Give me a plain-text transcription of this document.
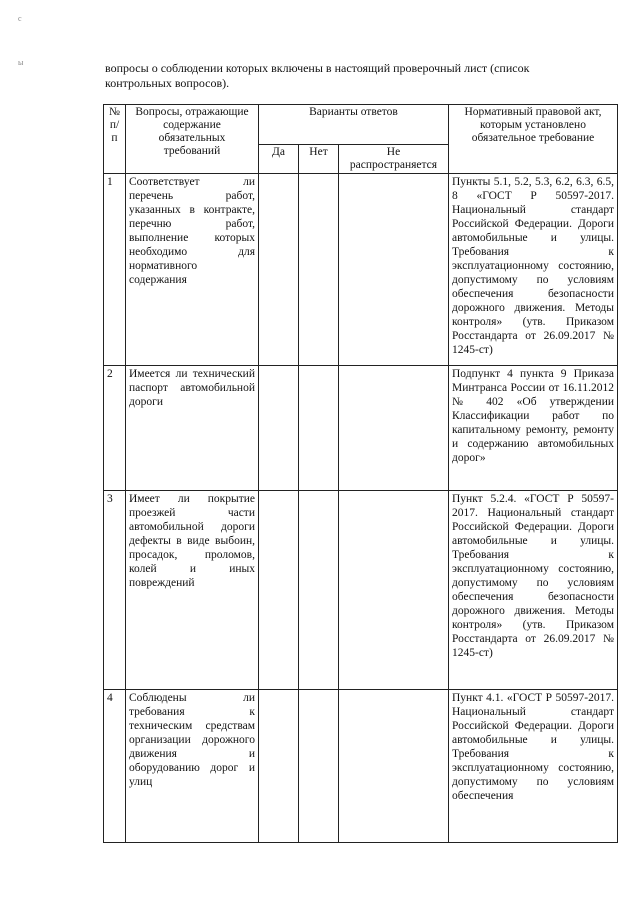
с
ы	вопросы о соблюдении которых включены в настоящий проверочный лист (список
контрольных вопросов).
№ п/п	Вопросы, отражающие содержание обязательных требований	Варианты ответов			Нормативный правовой акт, которым установлено обязательное требование
		Да	Нет	Не распространяется	
1	Соответствует ли перечень работ, указанных в контракте, перечню работ, выполнение которых необходимо для нормативного содержания				Пункты 5.1, 5.2, 5.3, 6.2, 6.3, 6.5, 8 «ГОСТ Р 50597-2017. Национальный стандарт Российской Федерации. Дороги автомобильные и улицы. Требования к эксплуатационному состоянию, допустимому по условиям обеспечения безопасности дорожного движения. Методы контроля» (утв. Приказом Росстандарта от 26.09.2017 № 1245-ст)
2	Имеется ли технический паспорт автомобильной дороги				Подпункт 4 пункта 9 Приказа Минтранса России от 16.11.2012 № 402 «Об утверждении Классификации работ по капитальному ремонту, ремонту и содержанию автомобильных дорог»
3	Имеет ли покрытие проезжей части автомобильной дороги дефекты в виде выбоин, просадок, проломов, колей и иных повреждений				Пункт 5.2.4. «ГОСТ Р 50597-2017. Национальный стандарт Российской Федерации. Дороги автомобильные и улицы. Требования к эксплуатационному состоянию, допустимому по условиям обеспечения безопасности дорожного движения. Методы контроля» (утв. Приказом Росстандарта от 26.09.2017 № 1245-ст)
4	Соблюдены ли требования к техническим средствам организации дорожного движения и оборудованию дорог и улиц				Пункт 4.1. «ГОСТ Р 50597-2017. Национальный стандарт Российской Федерации. Дороги автомобильные и улицы. Требования к эксплуатационному состоянию, допустимому по условиям обеспечения
